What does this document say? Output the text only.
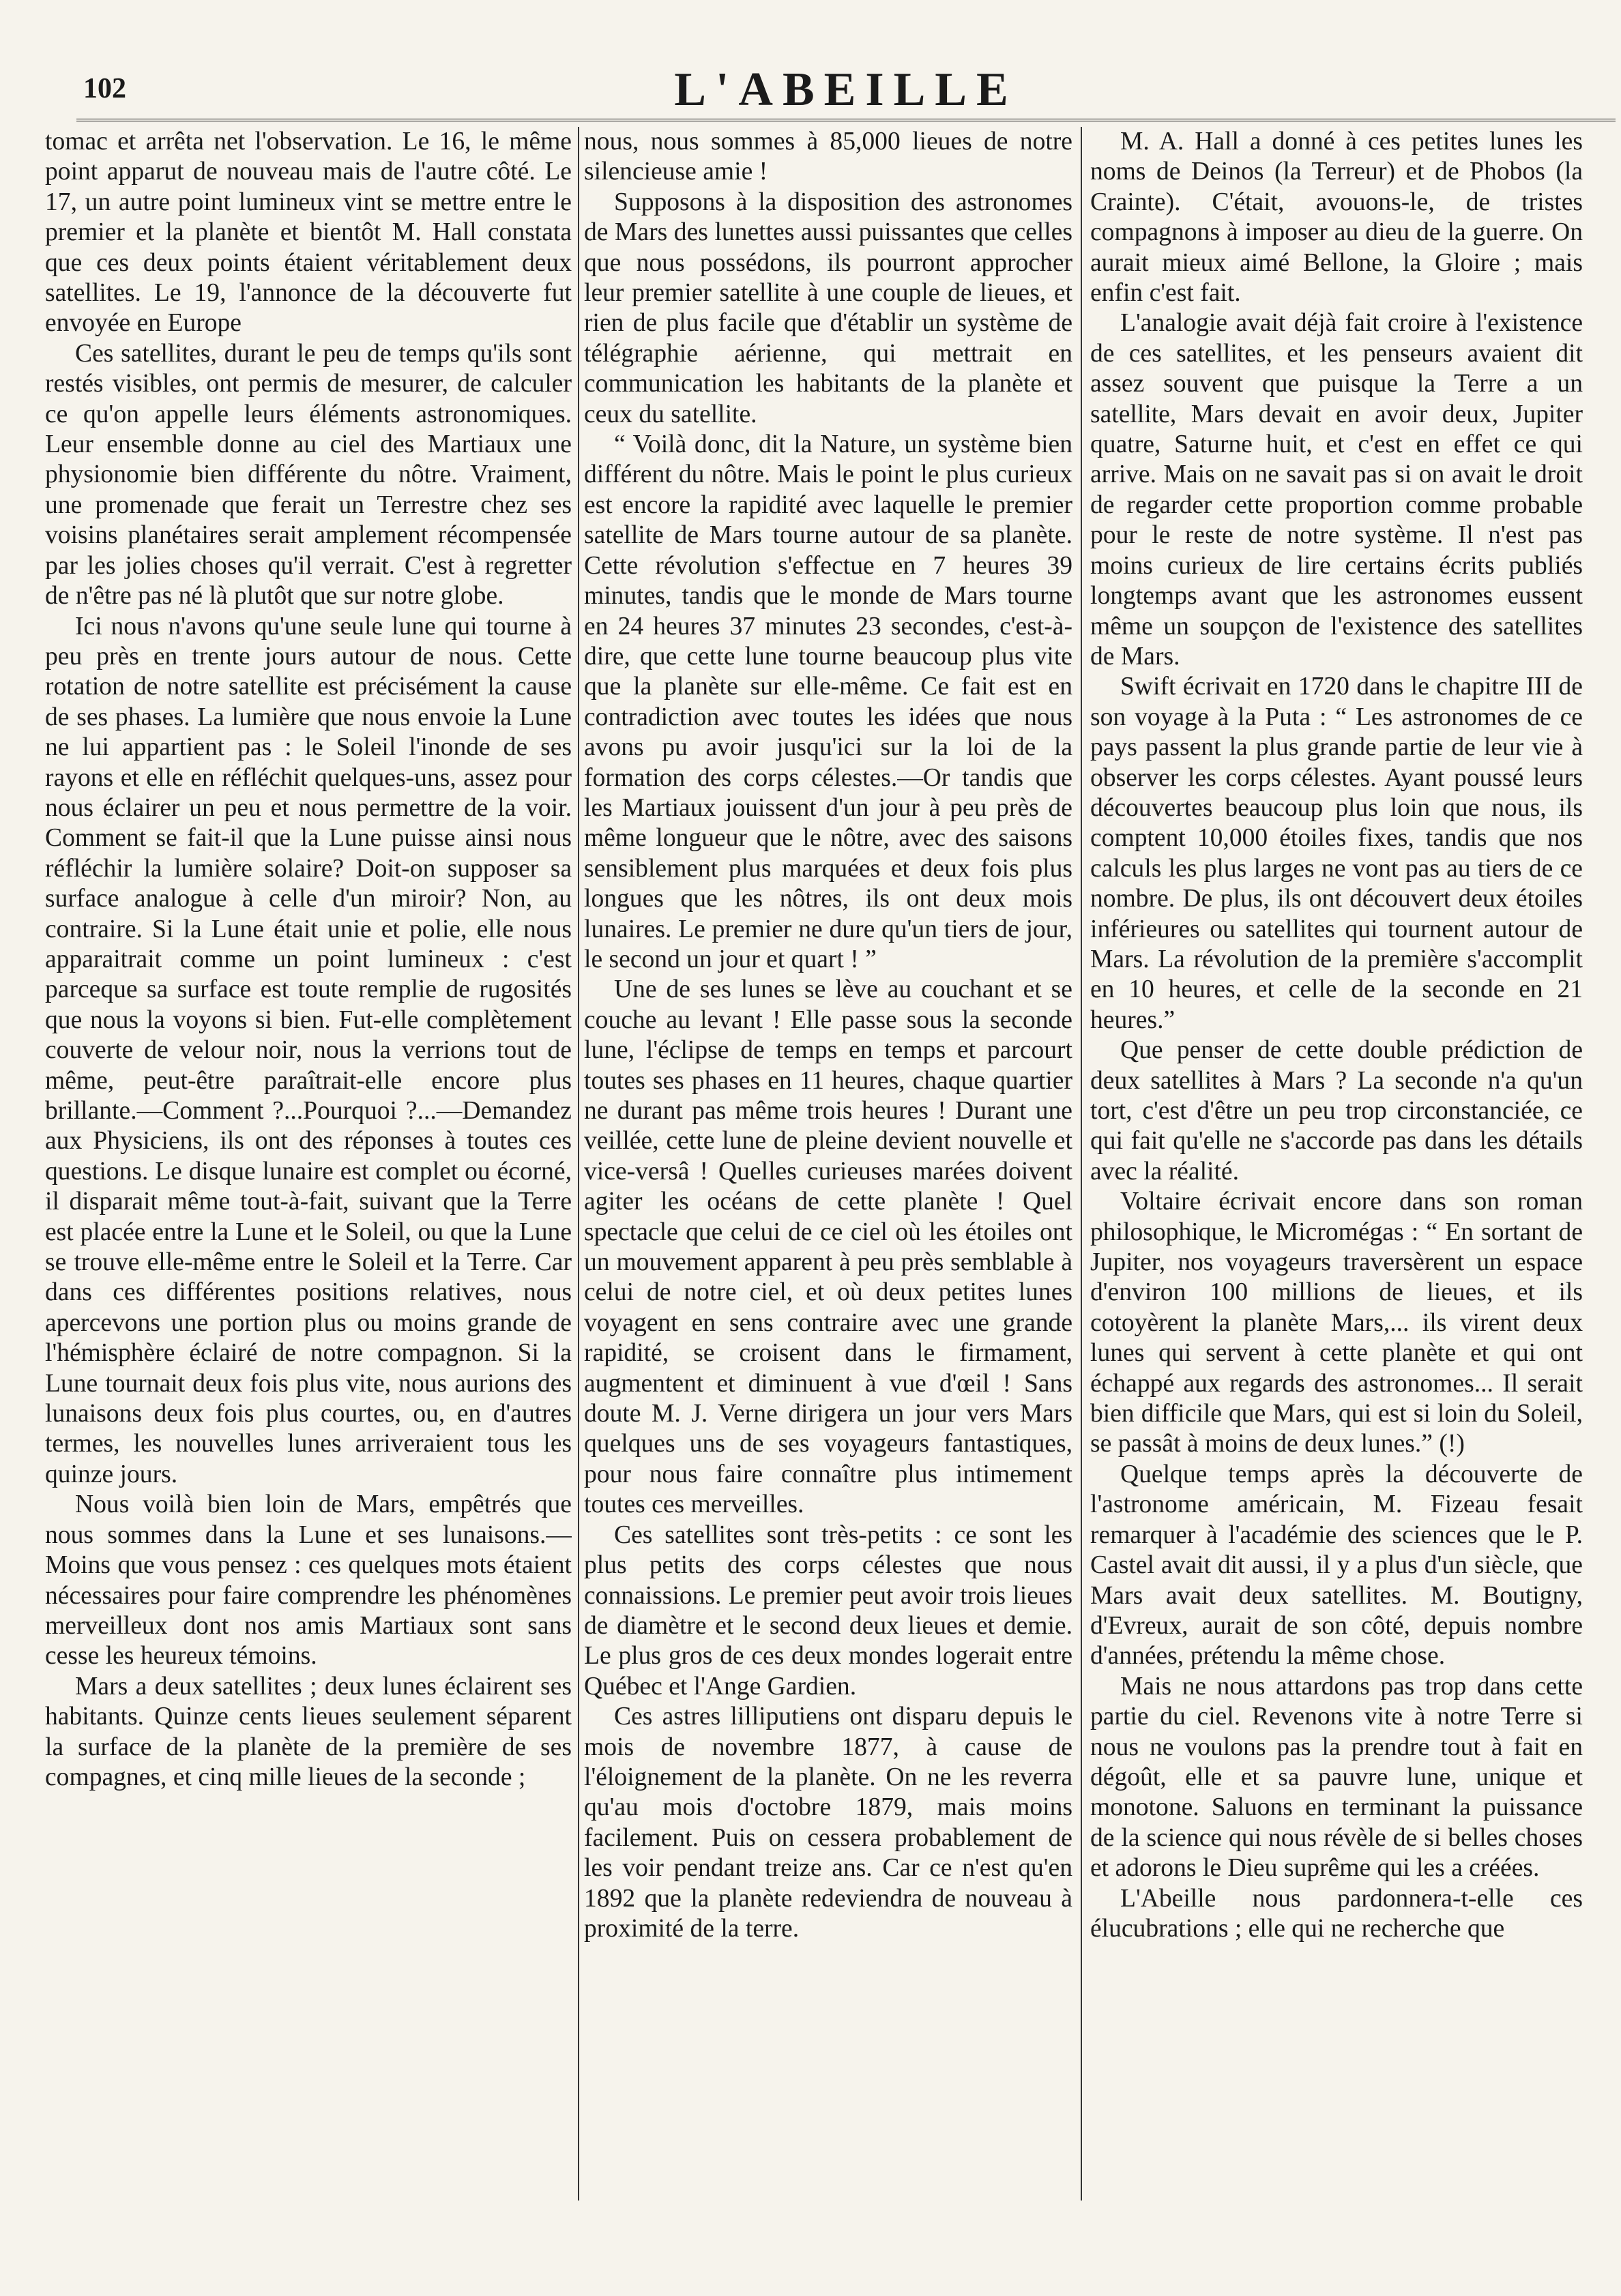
L'ABEILLE
102

tomac et arrêta net l'observation. Le 16, le même point apparut de nouveau mais de l'autre côté. Le 17, un autre point lumineux vint se mettre entre le premier et la planète et bientôt M. Hall constata que ces deux points étaient véritablement deux satellites. Le 19, l'annonce de la découverte fut envoyée en Europe

Ces satellites, durant le peu de temps qu'ils sont restés visibles, ont permis de mesurer, de calculer ce qu'on appelle leurs éléments astronomiques. Leur ensemble donne au ciel des Martiaux une physionomie bien différente du nôtre. Vraiment, une promenade que ferait un Terrestre chez ses voisins planétaires serait amplement récompensée par les jolies choses qu'il verrait. C'est à regretter de n'être pas né là plutôt que sur notre globe.

Ici nous n'avons qu'une seule lune qui tourne à peu près en trente jours autour de nous. Cette rotation de notre satellite est précisément la cause de ses phases. La lumière que nous envoie la Lune ne lui appartient pas : le Soleil l'inonde de ses rayons et elle en réfléchit quelques-uns, assez pour nous éclairer un peu et nous permettre de la voir. Comment se fait-il que la Lune puisse ainsi nous réfléchir la lumière solaire? Doit-on supposer sa surface analogue à celle d'un miroir? Non, au contraire. Si la Lune était unie et polie, elle nous apparaitrait comme un point lumineux : c'est parceque sa surface est toute remplie de rugosités que nous la voyons si bien. Fut-elle complètement couverte de velour noir, nous la verrions tout de même, peut-être paraîtrait-elle encore plus brillante.—Comment ?...Pourquoi ?...—Demandez aux Physiciens, ils ont des réponses à toutes ces questions. Le disque lunaire est complet ou écorné, il disparait même tout-à-fait, suivant que la Terre est placée entre la Lune et le Soleil, ou que la Lune se trouve elle-même entre le Soleil et la Terre. Car dans ces différentes positions relatives, nous apercevons une portion plus ou moins grande de l'hémisphère éclairé de notre compagnon. Si la Lune tournait deux fois plus vite, nous aurions des lunaisons deux fois plus courtes, ou, en d'autres termes, les nouvelles lunes arriveraient tous les quinze jours.

Nous voilà bien loin de Mars, empêtrés que nous sommes dans la Lune et ses lunaisons.—Moins que vous pensez : ces quelques mots étaient nécessaires pour faire comprendre les phénomènes merveilleux dont nos amis Martiaux sont sans cesse les heureux témoins.

Mars a deux satellites ; deux lunes éclairent ses habitants. Quinze cents lieues seulement séparent la surface de la planète de la première de ses compagnes, et cinq mille lieues de la seconde ;

nous, nous sommes à 85,000 lieues de notre silencieuse amie !

Supposons à la disposition des astronomes de Mars des lunettes aussi puissantes que celles que nous possédons, ils pourront approcher leur premier satellite à une couple de lieues, et rien de plus facile que d'établir un système de télégraphie aérienne, qui mettrait en communication les habitants de la planète et ceux du satellite.

“ Voilà donc, dit la Nature, un système bien différent du nôtre. Mais le point le plus curieux est encore la rapidité avec laquelle le premier satellite de Mars tourne autour de sa planète. Cette révolution s'effectue en 7 heures 39 minutes, tandis que le monde de Mars tourne en 24 heures 37 minutes 23 secondes, c'est-à-dire, que cette lune tourne beaucoup plus vite que la planète sur elle-même. Ce fait est en contradiction avec toutes les idées que nous avons pu avoir jusqu'ici sur la loi de la formation des corps célestes.—Or tandis que les Martiaux jouissent d'un jour à peu près de même longueur que le nôtre, avec des saisons sensiblement plus marquées et deux fois plus longues que les nôtres, ils ont deux mois lunaires. Le premier ne dure qu'un tiers de jour, le second un jour et quart ! ”

Une de ses lunes se lève au couchant et se couche au levant ! Elle passe sous la seconde lune, l'éclipse de temps en temps et parcourt toutes ses phases en 11 heures, chaque quartier ne durant pas même trois heures ! Durant une veillée, cette lune de pleine devient nouvelle et vice-versâ ! Quelles curieuses marées doivent agiter les océans de cette planète ! Quel spectacle que celui de ce ciel où les étoiles ont un mouvement apparent à peu près semblable à celui de notre ciel, et où deux petites lunes voyagent en sens contraire avec une grande rapidité, se croisent dans le firmament, augmentent et diminuent à vue d'œil ! Sans doute M. J. Verne dirigera un jour vers Mars quelques uns de ses voyageurs fantastiques, pour nous faire connaître plus intimement toutes ces merveilles.

Ces satellites sont très-petits : ce sont les plus petits des corps célestes que nous connaissions. Le premier peut avoir trois lieues de diamètre et le second deux lieues et demie. Le plus gros de ces deux mondes logerait entre Québec et l'Ange Gardien.

Ces astres lilliputiens ont disparu depuis le mois de novembre 1877, à cause de l'éloignement de la planète. On ne les reverra qu'au mois d'octobre 1879, mais moins facilement. Puis on cessera probablement de les voir pendant treize ans. Car ce n'est qu'en 1892 que la planète redeviendra de nouveau à proximité de la terre.

M. A. Hall a donné à ces petites lunes les noms de Deinos (la Terreur) et de Phobos (la Crainte). C'était, avouons-le, de tristes compagnons à imposer au dieu de la guerre. On aurait mieux aimé Bellone, la Gloire ; mais enfin c'est fait.

L'analogie avait déjà fait croire à l'existence de ces satellites, et les penseurs avaient dit assez souvent que puisque la Terre a un satellite, Mars devait en avoir deux, Jupiter quatre, Saturne huit, et c'est en effet ce qui arrive. Mais on ne savait pas si on avait le droit de regarder cette proportion comme probable pour le reste de notre système. Il n'est pas moins curieux de lire certains écrits publiés longtemps avant que les astronomes eussent même un soupçon de l'existence des satellites de Mars.

Swift écrivait en 1720 dans le chapitre III de son voyage à la Puta : “ Les astronomes de ce pays passent la plus grande partie de leur vie à observer les corps célestes. Ayant poussé leurs découvertes beaucoup plus loin que nous, ils comptent 10,000 étoiles fixes, tandis que nos calculs les plus larges ne vont pas au tiers de ce nombre. De plus, ils ont découvert deux étoiles inférieures ou satellites qui tournent autour de Mars. La révolution de la première s'accomplit en 10 heures, et celle de la seconde en 21 heures.”

Que penser de cette double prédiction de deux satellites à Mars ? La seconde n'a qu'un tort, c'est d'être un peu trop circonstanciée, ce qui fait qu'elle ne s'accorde pas dans les détails avec la réalité.

Voltaire écrivait encore dans son roman philosophique, le Micromégas : “ En sortant de Jupiter, nos voyageurs traversèrent un espace d'environ 100 millions de lieues, et ils cotoyèrent la planète Mars,... ils virent deux lunes qui servent à cette planète et qui ont échappé aux regards des astronomes... Il serait bien difficile que Mars, qui est si loin du Soleil, se passât à moins de deux lunes.” (!)

Quelque temps après la découverte de l'astronome américain, M. Fizeau fesait remarquer à l'académie des sciences que le P. Castel avait dit aussi, il y a plus d'un siècle, que Mars avait deux satellites. M. Boutigny, d'Evreux, aurait de son côté, depuis nombre d'années, prétendu la même chose.

Mais ne nous attardons pas trop dans cette partie du ciel. Revenons vite à notre Terre si nous ne voulons pas la prendre tout à fait en dégoût, elle et sa pauvre lune, unique et monotone. Saluons en terminant la puissance de la science qui nous révèle de si belles choses et adorons le Dieu suprême qui les a créées.

L'Abeille nous pardonnera-t-elle ces élucubrations ; elle qui ne recherche que
